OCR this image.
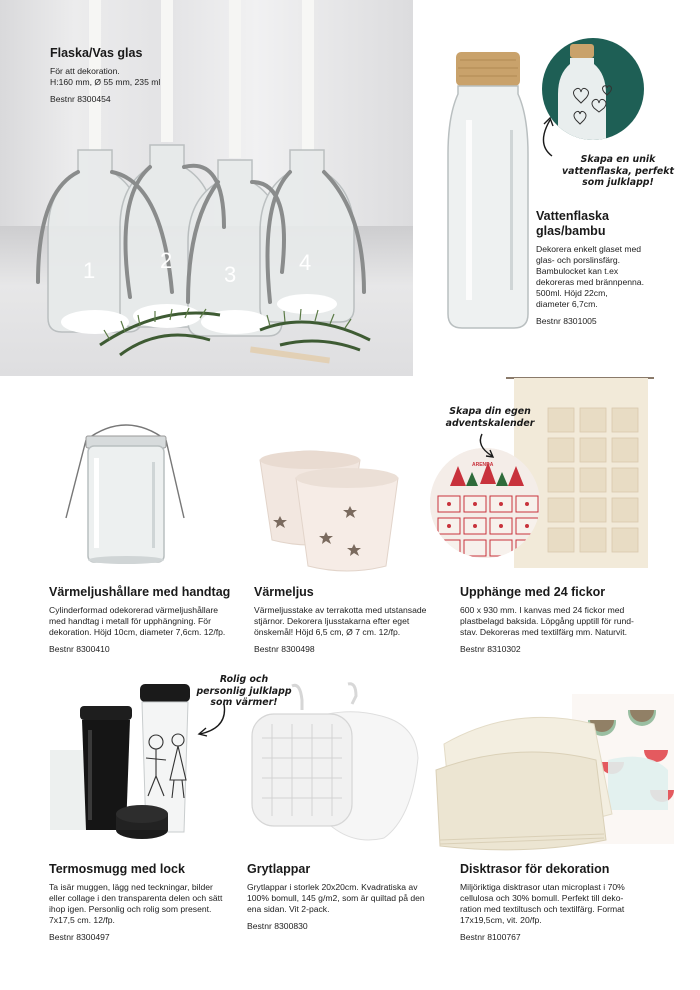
1	2
3	4
Flaska/Vas glas
För att dekoration.
H:160 mm, Ø 55 mm, 235 ml
Bestnr 8300454
Skapa en unik
vattenflaska, perfekt
som julklapp!
Vattenflaska
glas/bambu
Dekorera enkelt glaset med
glas- och porslinsfärg.
Bambulocket kan t.ex
dekoreras med brännpenna.
500ml. Höjd 22cm,
diameter 6,7cm.
Bestnr 8301005
ARENDA
Skapa din egen
adventskalender
Värmeljushållare med handtag
Cylinderformad odekorerad värmeljushållare
med handtag i metall för upphängning. För
dekoration. Höjd 10cm, diameter 7,6cm. 12/fp.
Bestnr 8300410
Värmeljus
Värmeljusstake av terrakotta med utstansade
stjärnor. Dekorera ljusstakarna efter eget
önskemål! Höjd 6,5 cm, Ø 7 cm. 12/fp.
Bestnr 8300498
Upphänge med 24 fickor
600 x 930 mm. I kanvas med 24 fickor med
plastbelagd baksida. Löpgång upptill för rund-
stav. Dekoreras med textilfärg mm. Naturvit.
Bestnr 8310302
Rolig och
personlig julklapp
som värmer!
Termosmugg med lock
Ta isär muggen, lägg ned teckningar, bilder
eller collage i den transparenta delen och sätt
ihop igen. Personlig och rolig som present.
7x17,5 cm. 12/fp.
Bestnr 8300497
Grytlappar
Grytlappar i storlek 20x20cm. Kvadratiska av
100% bomull, 145 g/m2, som är quiltad på den
ena sidan. Vit 2-pack.
Bestnr 8300830
Disktrasor för dekoration
Miljöriktiga disktrasor utan microplast i 70%
cellulosa och 30% bomull. Perfekt till deko-
ration med textiltusch och textilfärg. Format
17x19,5cm, vit. 20/fp.
Bestnr 8100767
